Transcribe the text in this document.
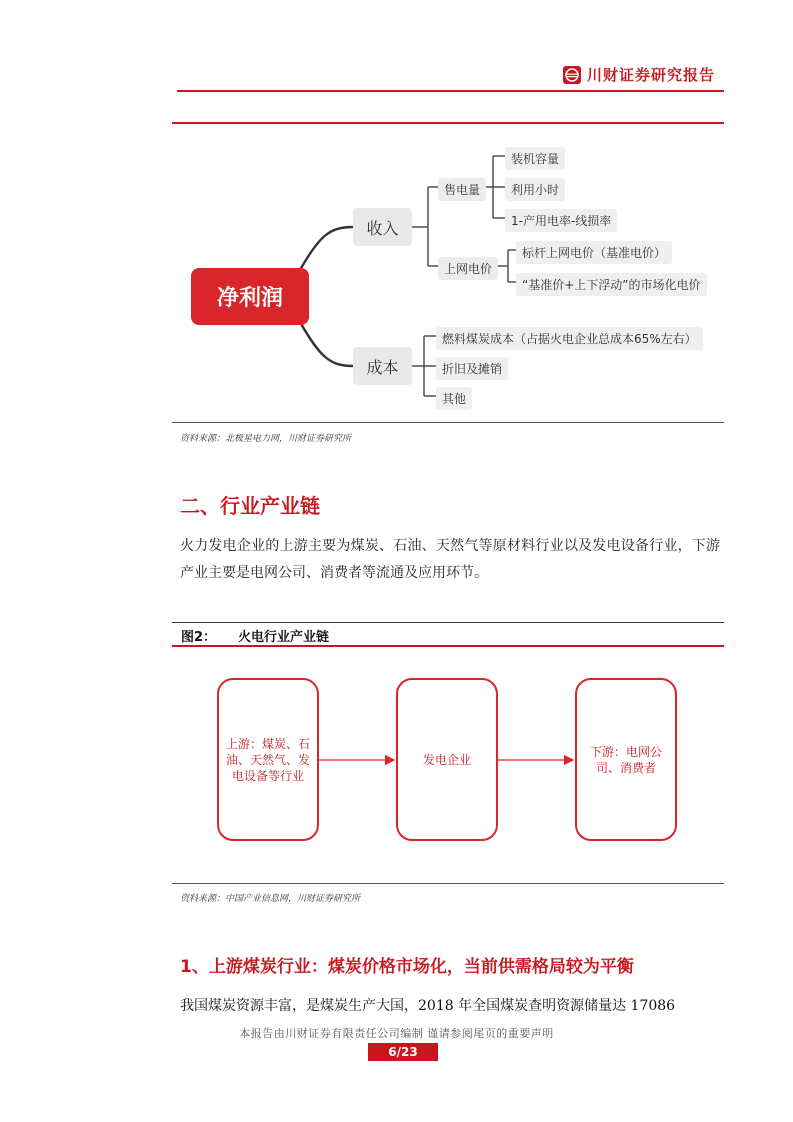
川财证券研究报告
净利润
收入
成本
售电量
上网电价
装机容量
利用小时
1-产用电率-线损率
标杆上网电价（基准电价）
“基准价+上下浮动”的市场化电价
燃料煤炭成本（占据火电企业总成本65%左右）
折旧及摊销
其他
资料来源：北极星电力网，川财证券研究所
二、行业产业链
火力发电企业的上游主要为煤炭、石油、天然气等原材料行业以及发电设备行业，下游产业主要是电网公司、消费者等流通及应用环节。
图2： 火电行业产业链
上游：煤炭、石油、天然气、发电设备等行业
发电企业
下游：电网公司、消费者
资料来源：中国产业信息网，川财证券研究所
1、上游煤炭行业：煤炭价格市场化，当前供需格局较为平衡
我国煤炭资源丰富，是煤炭生产大国，2018 年全国煤炭查明资源储量达 17086
本报告由川财证券有限责任公司编制 谨请参阅尾页的重要声明
6/23
